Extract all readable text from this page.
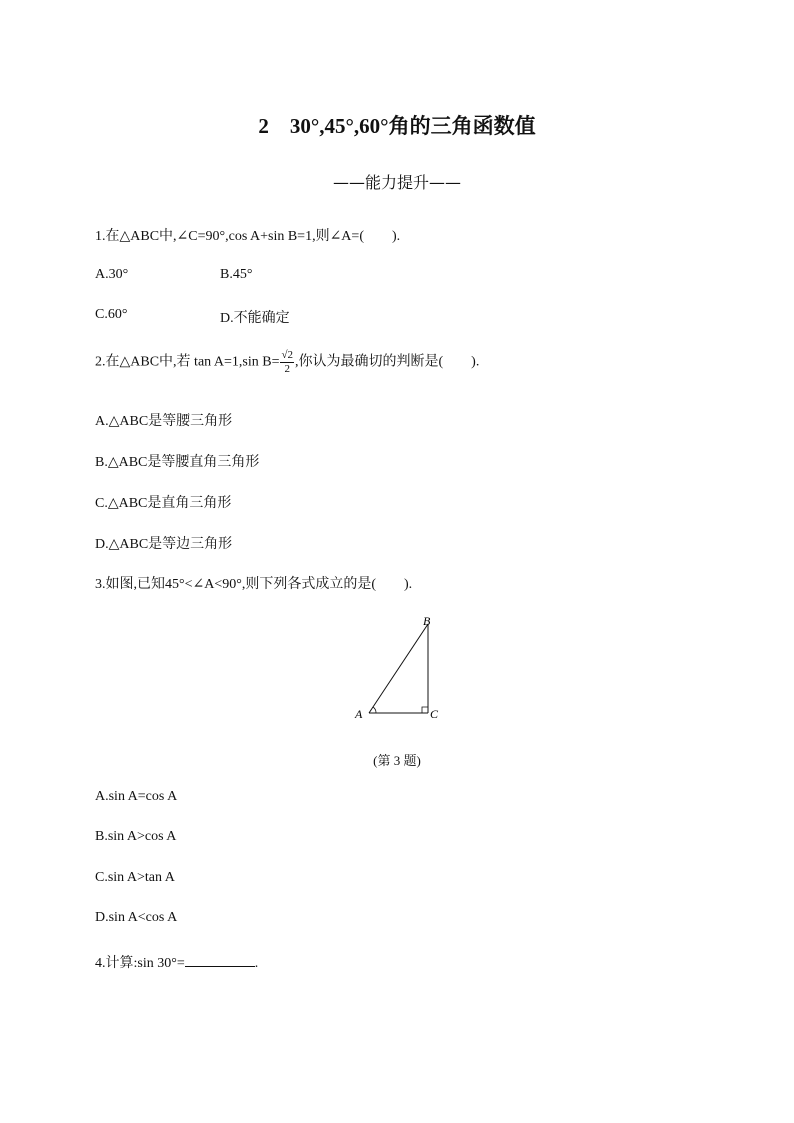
2　30°,45°,60°角的三角函数值
——能力提升——
1.在△ABC中,∠C=90°,cos A+sin B=1,则∠A=(　　).
A.30°	B.45°
C.60°	D.不能确定
2.在△ABC中,若 tan A=1,sin $B= \frac{√2}{2}$ ,你认为最确切的判断是(　　).
A.△ABC是等腰三角形
B.△ABC是等腰直角三角形
C.△ABC是直角三角形
D.△ABC是等边三角形
3.如图,已知45°<∠A<90°,则下列各式成立的是(　　).
A
B
C
(第 3 题)
A.sin A=cos A
B.sin A>cos A
C.sin A>tan A
D.sin A<cos A
4.计算:sin 30°=	.
